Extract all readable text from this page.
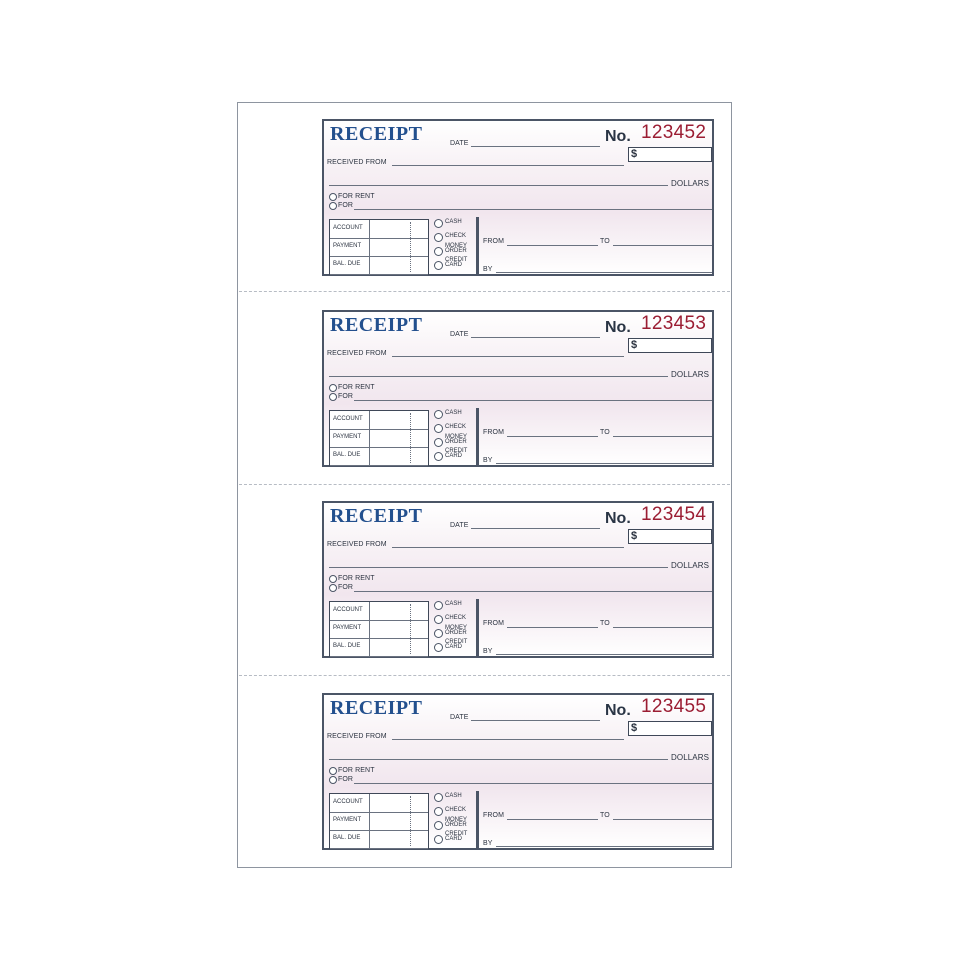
RECEIPT	DATE	No. 123452
$
RECEIVED FROM
DOLLARS
FOR RENT
FOR
ACCOUNT
PAYMENT
BAL. DUE
CASH
CHECK
MONEY
ORDER
CREDIT
CARD
FROM	TO
BY
RECEIPT	DATE	No. 123453
$
RECEIVED FROM
DOLLARS
FOR RENT
FOR
ACCOUNT
PAYMENT
BAL. DUE
CASH
CHECK
MONEY
ORDER
CREDIT
CARD
FROM	TO
BY
RECEIPT	DATE	No. 123454
$
RECEIVED FROM
DOLLARS
FOR RENT
FOR
ACCOUNT
PAYMENT
BAL. DUE
CASH
CHECK
MONEY
ORDER
CREDIT
CARD
FROM	TO
BY
RECEIPT	DATE	No. 123455
$
RECEIVED FROM
DOLLARS
FOR RENT
FOR
ACCOUNT
PAYMENT
BAL. DUE
CASH
CHECK
MONEY
ORDER
CREDIT
CARD
FROM	TO
BY
